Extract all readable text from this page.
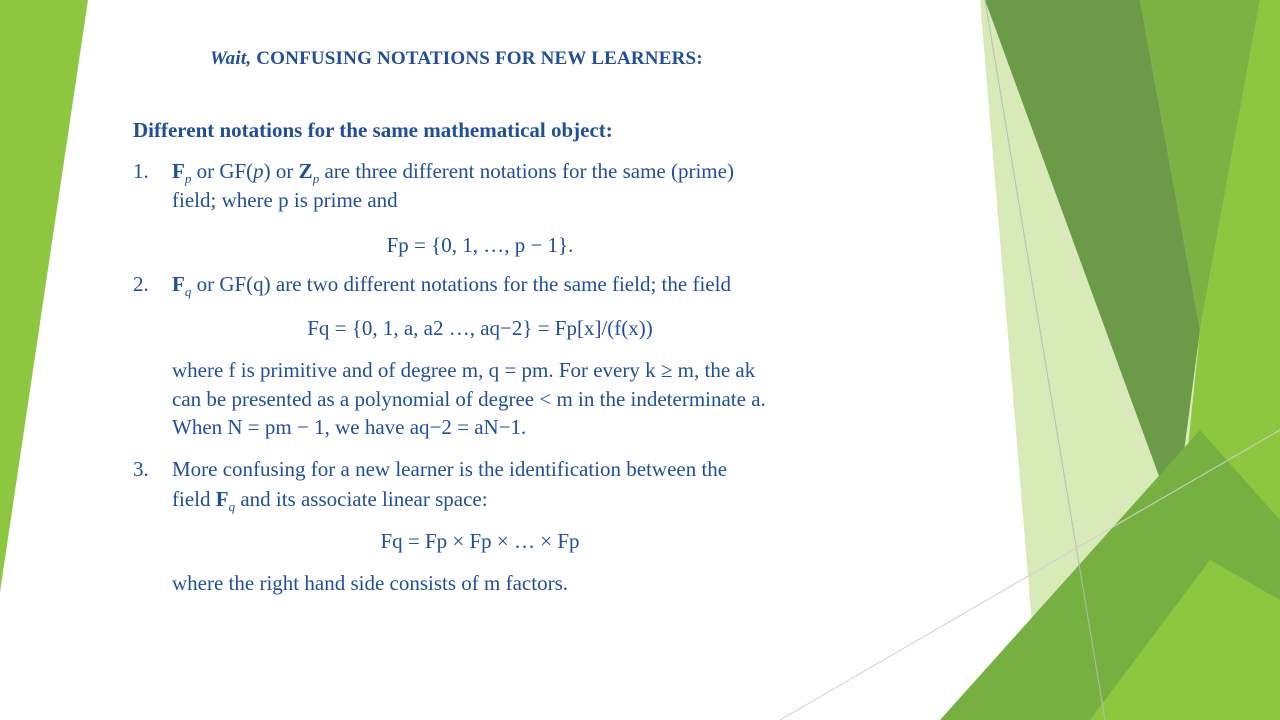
Wait, CONFUSING NOTATIONS FOR NEW LEARNERS:
Different notations for the same mathematical object:
1. $F_p$ or GF(p) or $Z_p$ are three different notations for the same (prime)
field; where p is prime and
Fp = {0, 1, …, p − 1}.
2. $F_q$ or GF(q) are two different notations for the same field; the field
Fq = {0, 1, a, a2 …, aq−2} = Fp[x]/(f(x))
where f is primitive and of degree m, q = pm. For every k ≥ m, the ak
can be presented as a polynomial of degree < m in the indeterminate a.
When N = pm − 1, we have aq−2 = aN−1.
3. More confusing for a new learner is the identification between the
field $F_q$ and its associate linear space:
Fq = Fp × Fp × … × Fp
where the right hand side consists of m factors.
